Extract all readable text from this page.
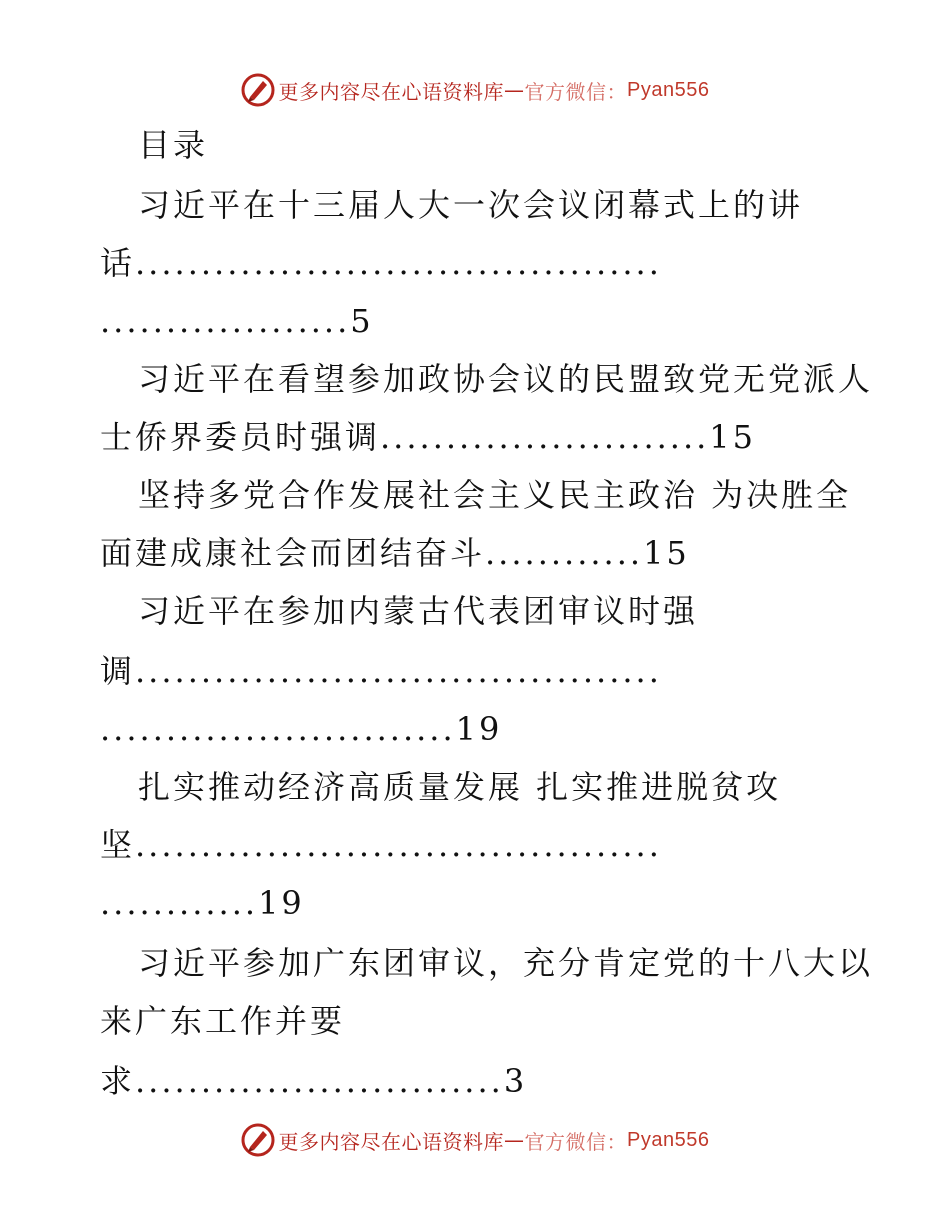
更多内容尽在心语资料库 — 官方微信： Pyan556
目录
习近平在十三届人大一次会议闭幕式上的讲
话........................................
...................5
习近平在看望参加政协会议的民盟致党无党派人
士侨界委员时强调.........................15
坚持多党合作发展社会主义民主政治 为决胜全
面建成康社会而团结奋斗............15
习近平在参加内蒙古代表团审议时强
调........................................
...........................19
扎实推动经济高质量发展 扎实推进脱贫攻
坚........................................
............19
习近平参加广东团审议，充分肯定党的十八大以
来广东工作并要
求............................3
更多内容尽在心语资料库 — 官方微信： Pyan556
